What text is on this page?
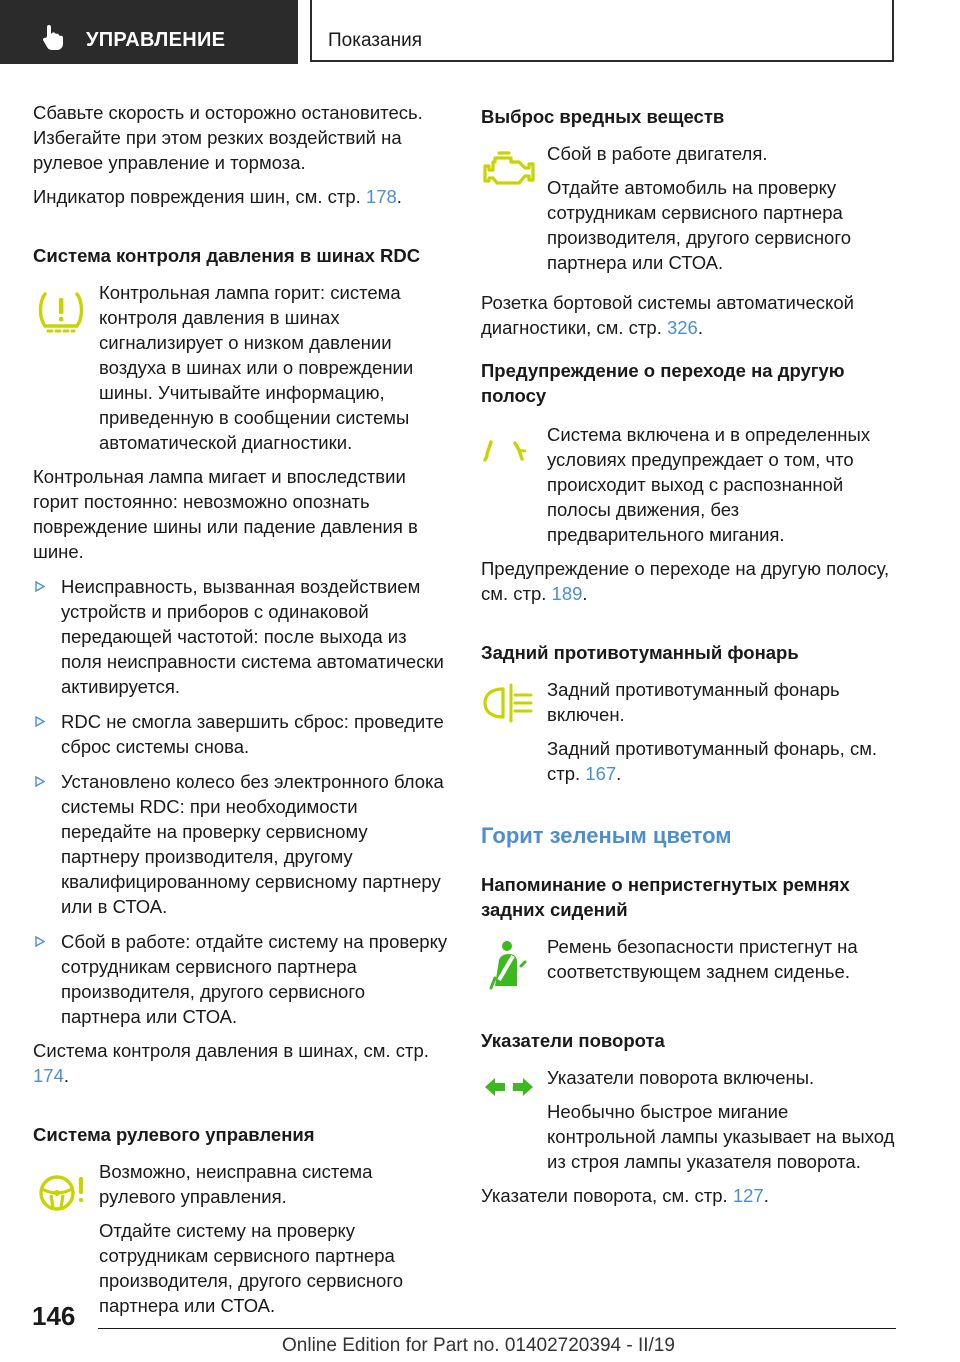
УПРАВЛЕНИЕ	Показания

Сбавьте скорость и осторожно остановитесь. Избегайте при этом резких воздействий на рулевое управление и тормоза.

Индикатор повреждения шин, см. стр. 178.

Система контроля давления в шинах RDC

Контрольная лампа горит: система контроля давления в шинах сигнализирует о низком давлении воздуха в шинах или о повреждении шины. Учитывайте информацию, приведенную в сообщении системы автоматической диагностики.

Контрольная лампа мигает и впоследствии горит постоянно: невозможно опознать повреждение шины или падение давления в шине.

Неисправность, вызванная воздействием устройств и приборов с одинаковой передающей частотой: после выхода из поля неисправности система автоматически активируется.

RDC не смогла завершить сброс: проведите сброс системы снова.

Установлено колесо без электронного блока системы RDC: при необходимости передайте на проверку сервисному партнеру производителя, другому квалифицированному сервисному партнеру или в СТОА.

Сбой в работе: отдайте систему на проверку сотрудникам сервисного партнера производителя, другого сервисного партнера или СТОА.

Система контроля давления в шинах, см. стр. 174.

Система рулевого управления

Возможно, неисправна система рулевого управления.

Отдайте систему на проверку сотрудникам сервисного партнера производителя, другого сервисного партнера или СТОА.

Выброс вредных веществ

Сбой в работе двигателя.

Отдайте автомобиль на проверку сотрудникам сервисного партнера производителя, другого сервисного партнера или СТОА.

Розетка бортовой системы автоматической диагностики, см. стр. 326.

Предупреждение о переходе на другую полосу

Система включена и в определенных условиях предупреждает о том, что происходит выход с распознанной полосы движения, без предварительного мигания.

Предупреждение о переходе на другую полосу, см. стр. 189.

Задний противотуманный фонарь

Задний противотуманный фонарь включен.

Задний противотуманный фонарь, см. стр. 167.

Горит зеленым цветом
Напоминание о непристегнутых ремнях задних сидений

Ремень безопасности пристегнут на соответствующем заднем сиденье.

Указатели поворота

Указатели поворота включены.

Необычно быстрое мигание контрольной лампы указывает на выход из строя лампы указателя поворота.

Указатели поворота, см. стр. 127.

146
Online Edition for Part no. 01402720394 - II/19
